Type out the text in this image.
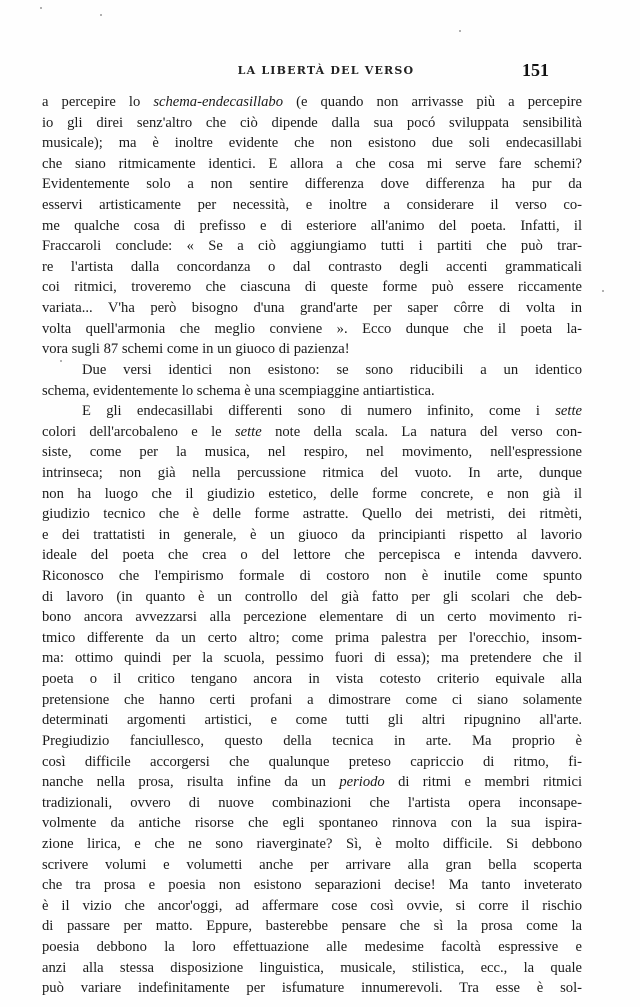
LA LIBERTÀ DEL VERSO	151
a percepire lo schema-endecasillabo (e quando non arrivasse più a percepire
io gli direi senz'altro che ciò dipende dalla sua pocó sviluppata sensibilità
musicale); ma è inoltre evidente che non esistono due soli endecasillabi
che siano ritmicamente identici. E allora a che cosa mi serve fare schemi?
Evidentemente solo a non sentire differenza dove differenza ha pur da
esservi artisticamente per necessità, e inoltre a considerare il verso co-
me qualche cosa di prefisso e di esteriore all'animo del poeta. Infatti, il
Fraccaroli conclude: « Se a ciò aggiungiamo tutti i partiti che può trar-
re l'artista dalla concordanza o dal contrasto degli accenti grammaticali
coi ritmici, troveremo che ciascuna di queste forme può essere riccamente
variata... V'ha però bisogno d'una grand'arte per saper côrre di volta in
volta quell'armonia che meglio conviene ». Ecco dunque che il poeta la-
vora sugli 87 schemi come in un giuoco di pazienza!
Due versi identici non esistono: se sono riducibili a un identico
schema, evidentemente lo schema è una scempiaggine antiartistica.
E gli endecasillabi differenti sono di numero infinito, come i sette
colori dell'arcobaleno e le sette note della scala. La natura del verso con-
siste, come per la musica, nel respiro, nel movimento, nell'espressione
intrinseca; non già nella percussione ritmica del vuoto. In arte, dunque
non ha luogo che il giudizio estetico, delle forme concrete, e non già il
giudizio tecnico che è delle forme astratte. Quello dei metristi, dei ritmèti,
e dei trattatisti in generale, è un giuoco da principianti rispetto al lavorio
ideale del poeta che crea o del lettore che percepisca e intenda davvero.
Riconosco che l'empirismo formale di costoro non è inutile come spunto
di lavoro (in quanto è un controllo del già fatto per gli scolari che deb-
bono ancora avvezzarsi alla percezione elementare di un certo movimento ri-
tmico differente da un certo altro; come prima palestra per l'orecchio, insom-
ma: ottimo quindi per la scuola, pessimo fuori di essa); ma pretendere che il
poeta o il critico tengano ancora in vista cotesto criterio equivale alla
pretensione che hanno certi profani a dimostrare come ci siano solamente
determinati argomenti artistici, e come tutti gli altri ripugnino all'arte.
Pregiudizio fanciullesco, questo della tecnica in arte. Ma proprio è
così difficile accorgersi che qualunque preteso capriccio di ritmo, fi-
nanche nella prosa, risulta infine da un periodo di ritmi e membri ritmici
tradizionali, ovvero di nuove combinazioni che l'artista opera inconsape-
volmente da antiche risorse che egli spontaneo rinnova con la sua ispira-
zione lirica, e che ne sono riaverginate? Sì, è molto difficile. Si debbono
scrivere volumi e volumetti anche per arrivare alla gran bella scoperta
che tra prosa e poesia non esistono separazioni decise! Ma tanto inveterato
è il vizio che ancor'oggi, ad affermare cose così ovvie, si corre il rischio
di passare per matto. Eppure, basterebbe pensare che sì la prosa come la
poesia debbono la loro effettuazione alle medesime facoltà espressive e
anzi alla stessa disposizione linguistica, musicale, stilistica, ecc., la quale
può variare indefinitamente per isfumature innumerevoli. Tra esse è sol-
